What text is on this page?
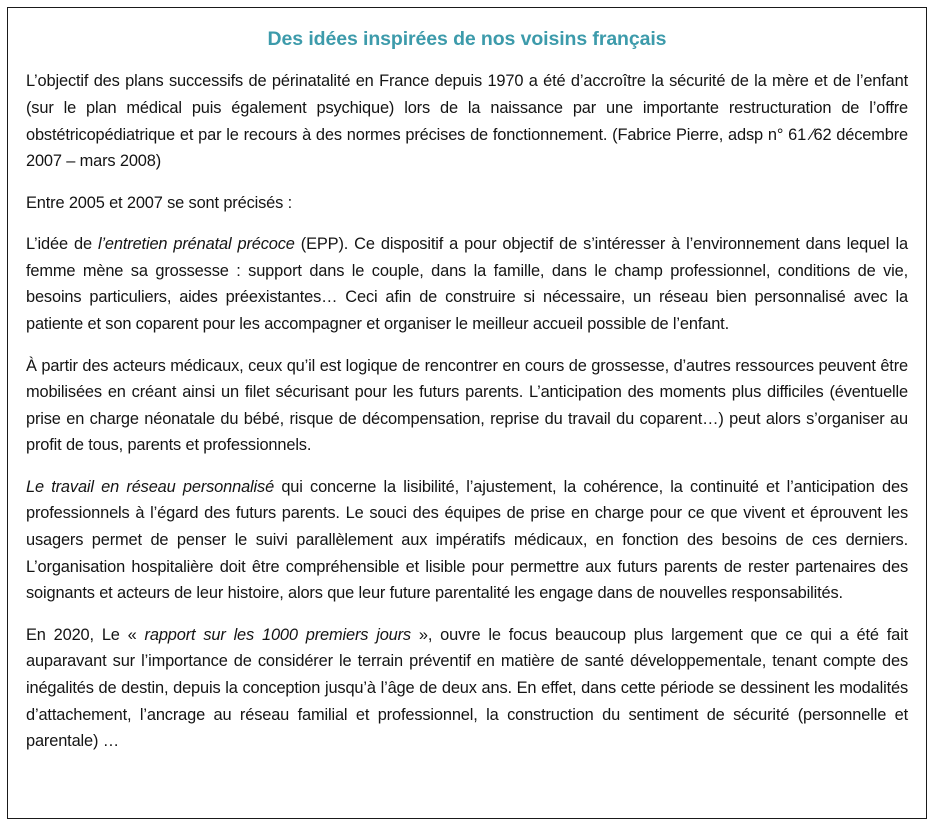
Des idées inspirées de nos voisins français

L’objectif des plans successifs de périnatalité en France depuis 1970 a été d’accroître la sécurité de la mère et de l’enfant (sur le plan médical puis également psychique) lors de la naissance par une importante restructuration de l’offre obstétricopédiatrique et par le recours à des normes précises de fonctionnement. (Fabrice Pierre, adsp n° 61 ⁄62 décembre 2007 – mars 2008)

Entre 2005 et 2007 se sont précisés :

L’idée de l’entretien prénatal précoce (EPP). Ce dispositif a pour objectif de s’intéresser à l’environnement dans lequel la femme mène sa grossesse : support dans le couple, dans la famille, dans le champ professionnel, conditions de vie, besoins particuliers, aides préexistantes… Ceci afin de construire si nécessaire, un réseau bien personnalisé avec la patiente et son coparent pour les accompagner et organiser le meilleur accueil possible de l’enfant.

À partir des acteurs médicaux, ceux qu’il est logique de rencontrer en cours de grossesse, d’autres ressources peuvent être mobilisées en créant ainsi un filet sécurisant pour les futurs parents. L’anticipation des moments plus difficiles (éventuelle prise en charge néonatale du bébé, risque de décompensation, reprise du travail du coparent…) peut alors s’organiser au profit de tous, parents et professionnels.

Le travail en réseau personnalisé qui concerne la lisibilité, l’ajustement, la cohérence, la continuité et l’anticipation des professionnels à l’égard des futurs parents. Le souci des équipes de prise en charge pour ce que vivent et éprouvent les usagers permet de penser le suivi parallèlement aux impératifs médicaux, en fonction des besoins de ces derniers. L’organisation hospitalière doit être compréhensible et lisible pour permettre aux futurs parents de rester partenaires des soignants et acteurs de leur histoire, alors que leur future parentalité les engage dans de nouvelles responsabilités.

En 2020, Le « rapport sur les 1000 premiers jours », ouvre le focus beaucoup plus largement que ce qui a été fait auparavant sur l’importance de considérer le terrain préventif en matière de santé développementale, tenant compte des inégalités de destin, depuis la conception jusqu’à l’âge de deux ans. En effet, dans cette période se dessinent les modalités d’attachement, l’ancrage au réseau familial et professionnel, la construction du sentiment de sécurité (personnelle et parentale) …
